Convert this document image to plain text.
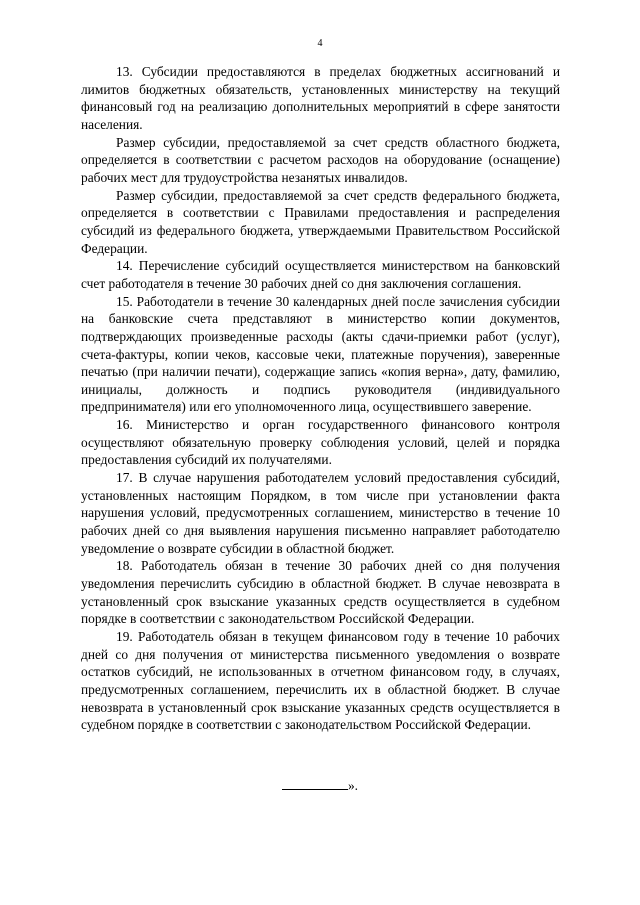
4

13. Субсидии предоставляются в пределах бюджетных ассигнований и лимитов бюджетных обязательств, установленных министерству на текущий финансовый год на реализацию дополнительных мероприятий в сфере занятости населения.

Размер субсидии, предоставляемой за счет средств областного бюджета, определяется в соответствии с расчетом расходов на оборудование (оснащение) рабочих мест для трудоустройства незанятых инвалидов.

Размер субсидии, предоставляемой за счет средств федерального бюджета, определяется в соответствии с Правилами предоставления и распределения субсидий из федерального бюджета, утверждаемыми Правительством Российской Федерации.

14. Перечисление субсидий осуществляется министерством на банковский счет работодателя в течение 30 рабочих дней со дня заключения соглашения.

15. Работодатели в течение 30 календарных дней после зачисления субсидии на банковские счета представляют в министерство копии документов, подтверждающих произведенные расходы (акты сдачи-приемки работ (услуг), счета-фактуры, копии чеков, кассовые чеки, платежные поручения), заверенные печатью (при наличии печати), содержащие запись «копия верна», дату, фамилию, инициалы, должность и подпись руководителя (индивидуального предпринимателя) или его уполномоченного лица, осуществившего заверение.

16. Министерство и орган государственного финансового контроля осуществляют обязательную проверку соблюдения условий, целей и порядка предоставления субсидий их получателями.

17. В случае нарушения работодателем условий предоставления субсидий, установленных настоящим Порядком, в том числе при установлении факта нарушения условий, предусмотренных соглашением, министерство в течение 10 рабочих дней со дня выявления нарушения письменно направляет работодателю уведомление о возврате субсидии в областной бюджет.

18. Работодатель обязан в течение 30 рабочих дней со дня получения уведомления перечислить субсидию в областной бюджет. В случае невозврата в установленный срок взыскание указанных средств осуществляется в судебном порядке в соответствии с законодательством Российской Федерации.

19. Работодатель обязан в текущем финансовом году в течение 10 рабочих дней со дня получения от министерства письменного уведомления о возврате остатков субсидий, не использованных в отчетном финансовом году, в случаях, предусмотренных соглашением, перечислить их в областной бюджет. В случае невозврата в установленный срок взыскание указанных средств осуществляется в судебном порядке в соответствии с законодательством Российской Федерации.

».
